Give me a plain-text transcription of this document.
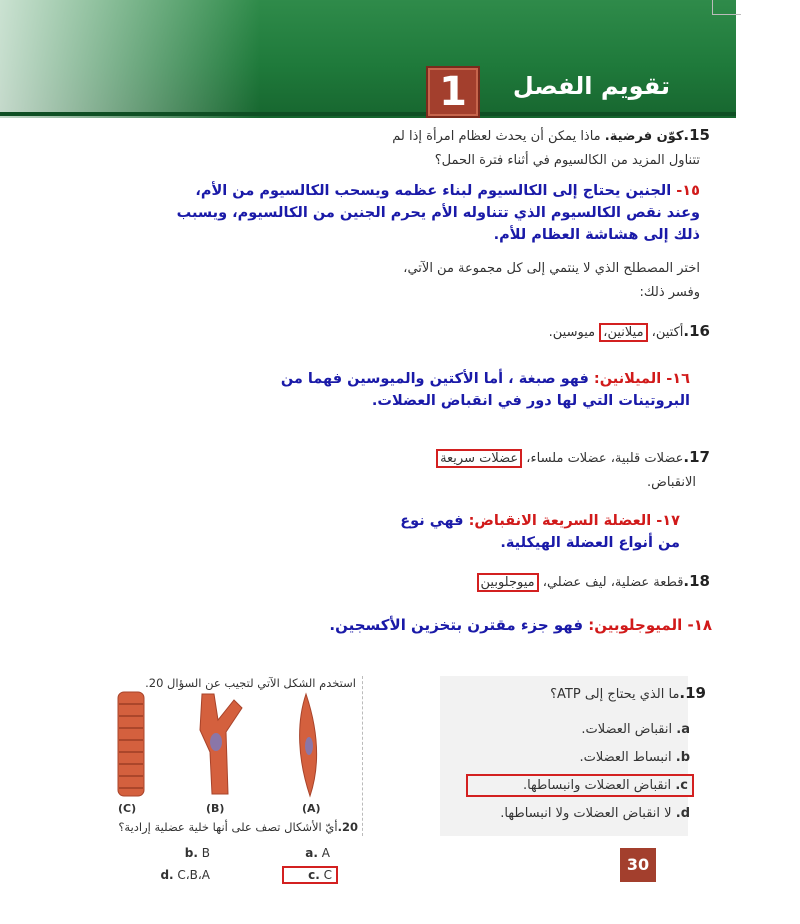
1	تقويم الفصل
15.كوّن فرضية. ماذا يمكن أن يحدث لعظام امرأة إذا لم
تتناول المزيد من الكالسيوم في أثناء فترة الحمل؟
١٥- الجنين يحتاج إلى الكالسيوم لبناء عظمه ويسحب الكالسيوم من الأم، وعند نقص الكالسيوم الذي تتناوله الأم يحرم الجنين من الكالسيوم، ويسبب ذلك إلى هشاشة العظام للأم.
اختر المصطلح الذي لا ينتمي إلى كل مجموعة من الآتي،
وفسر ذلك:
16.أكتين، ميلانين، ميوسين.
١٦- الميلانين: فهو صبغة ، أما الأكتين والميوسين فهما من البروتينات التي لها دور في انقباض العضلات.
17.عضلات قلبية، عضلات ملساء، عضلات سريعة
الانقباض.
١٧- العضلة السريعة الانقباض: فهي نوع من أنواع العضلة الهيكلية.
18.قطعة عضلية، ليف عضلي، ميوجلوبين
١٨- الميوجلوبين: فهو جزء مقترن بتخزين الأكسجين.
19.ما الذي يحتاج إلى ATP؟
a. انقباض العضلات.
b. انبساط العضلات.
c. انقباض العضلات وانبساطها.
d. لا انقباض العضلات ولا انبساطها.
استخدم الشكل الآتي لتجيب عن السؤال 20.
(C)	(B)	(A)
20.أيّ الأشكال تصف على أنها خلية عضلية إرادية؟
a. A
b. B
c. C
d. C،B،A
30
